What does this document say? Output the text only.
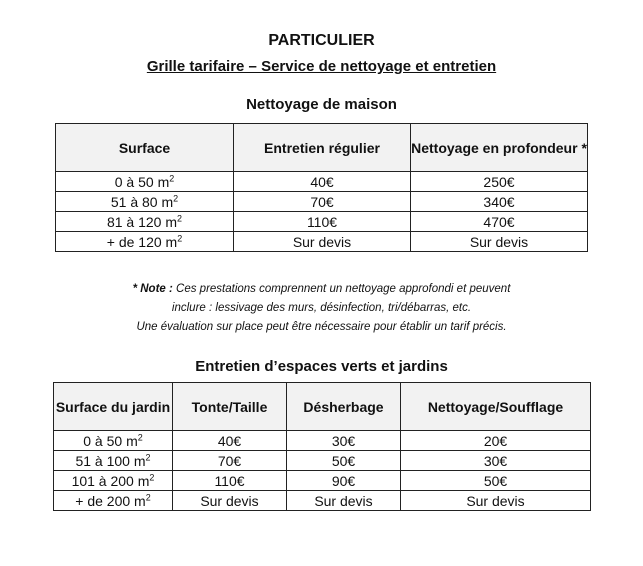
PARTICULIER
Grille tarifaire – Service de nettoyage et entretien
Nettoyage de maison
Surface	Entretien régulier	Nettoyage en profondeur *
0 à 50 $m^2$	40€	250€
51 à 80 $m^2$	70€	340€
81 à 120 $m^2$	110€	470€
+ de 120 $m^2$	Sur devis	Sur devis
* Note : Ces prestations comprennent un nettoyage approfondi et peuvent
inclure : lessivage des murs, désinfection, tri/débarras, etc.
Une évaluation sur place peut être nécessaire pour établir un tarif précis.
Entretien d’espaces verts et jardins
Surface du jardin	Tonte/Taille	Désherbage	Nettoyage/Soufflage
0 à 50 $m^2$	40€	30€	20€
51 à 100 $m^2$	70€	50€	30€
101 à 200 $m^2$	110€	90€	50€
+ de 200 $m^2$	Sur devis	Sur devis	Sur devis
